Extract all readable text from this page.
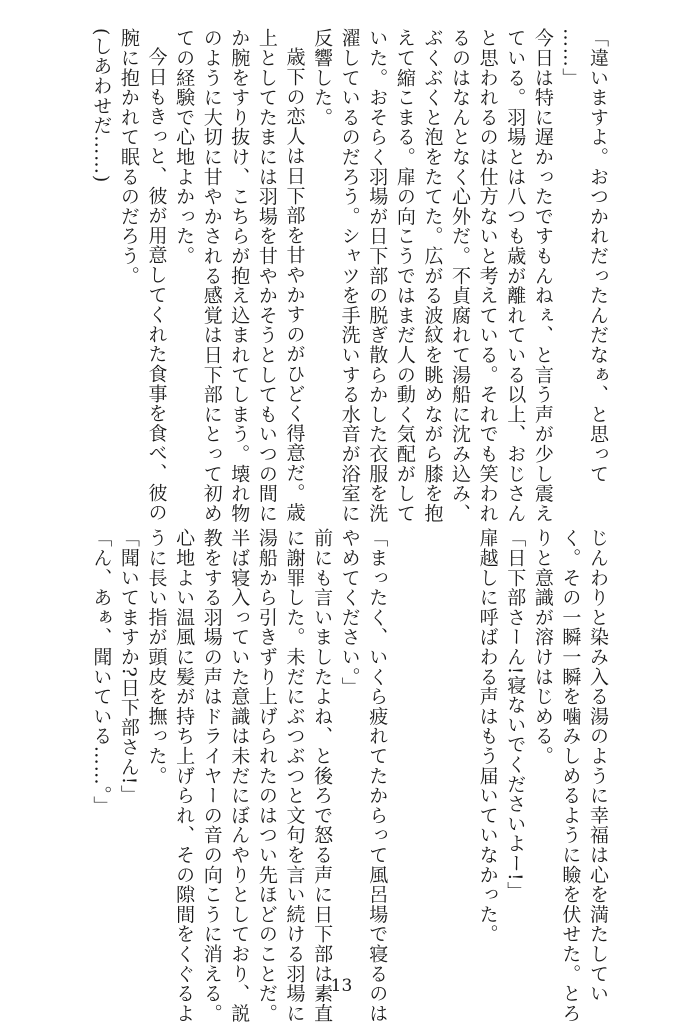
「違いますよ。おつかれだったんだなぁ、と思って
……」
今日は特に遅かったですもんねぇ、と言う声が少し震え
ている。羽場とは八つも歳が離れている以上、おじさん
と思われるのは仕方ないと考えている。それでも笑われ
るのはなんとなく心外だ。不貞腐れて湯船に沈み込み、
ぶくぶくと泡をたてた。広がる波紋を眺めながら膝を抱
えて縮こまる。扉の向こうではまだ人の動く気配がして
いた。おそらく羽場が日下部の脱ぎ散らかした衣服を洗
濯しているのだろう。シャツを手洗いする水音が浴室に
反響した。
歳下の恋人は日下部を甘やかすのがひどく得意だ。歳
上としてたまには羽場を甘やかそうとしてもいつの間に
か腕をすり抜け、こちらが抱え込まれてしまう。壊れ物
のように大切に甘やかされる感覚は日下部にとって初め
ての経験で心地よかった。
今日もきっと、彼が用意してくれた食事を食べ、彼の
腕に抱かれて眠るのだろう。
(しあわせだ……)
じんわりと染み入る湯のように幸福は心を満たしてい
く。その一瞬一瞬を噛みしめるように瞼を伏せた。とろ
りと意識が溶けはじめる。
「日下部さーん!寝ないでくださいよー!」
扉越しに呼ばわる声はもう届いていなかった。

「まったく、いくら疲れてたからって風呂場で寝るのは
やめてください。」
前にも言いましたよね、と後ろで怒る声に日下部は素直
に謝罪した。未だにぶつぶつと文句を言い続ける羽場に
湯船から引きずり上げられたのはつい先ほどのことだ。
半ば寝入っていた意識は未だにぼんやりとしており、説
教をする羽場の声はドライヤーの音の向こうに消える。
心地よい温風に髪が持ち上げられ、その隙間をくぐるよ
うに長い指が頭皮を撫った。
「聞いてますか?日下部さん!」
「ん、あぁ、聞いている……。」
13
